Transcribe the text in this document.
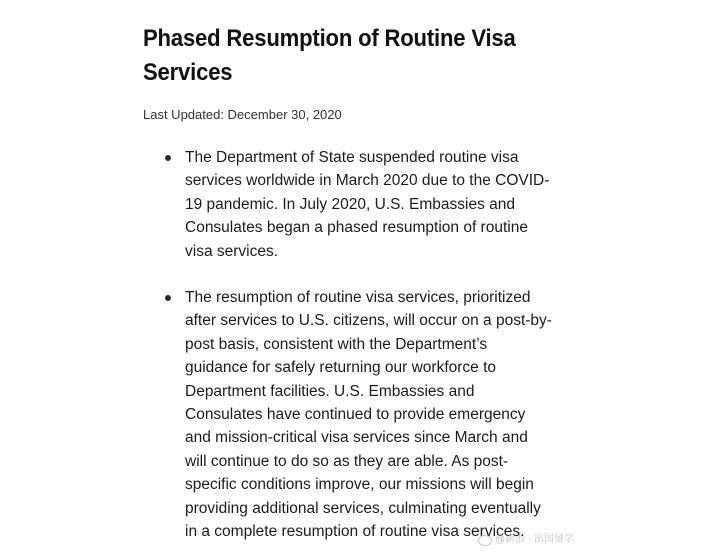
Phased Resumption of Routine Visa Services
Last Updated: December 30, 2020
The Department of State suspended routine visa services worldwide in March 2020 due to the COVID-19 pandemic. In July 2020, U.S. Embassies and Consulates began a phased resumption of routine visa services.
The resumption of routine visa services, prioritized after services to U.S. citizens, will occur on a post-by-post basis, consistent with the Department’s guidance for safely returning our workforce to Department facilities. U.S. Embassies and Consulates have continued to provide emergency and mission-critical visa services since March and will continue to do so as they are able. As post-specific conditions improve, our missions will begin providing additional services, culminating eventually in a complete resumption of routine visa services.
@新浪 · 出国留学
